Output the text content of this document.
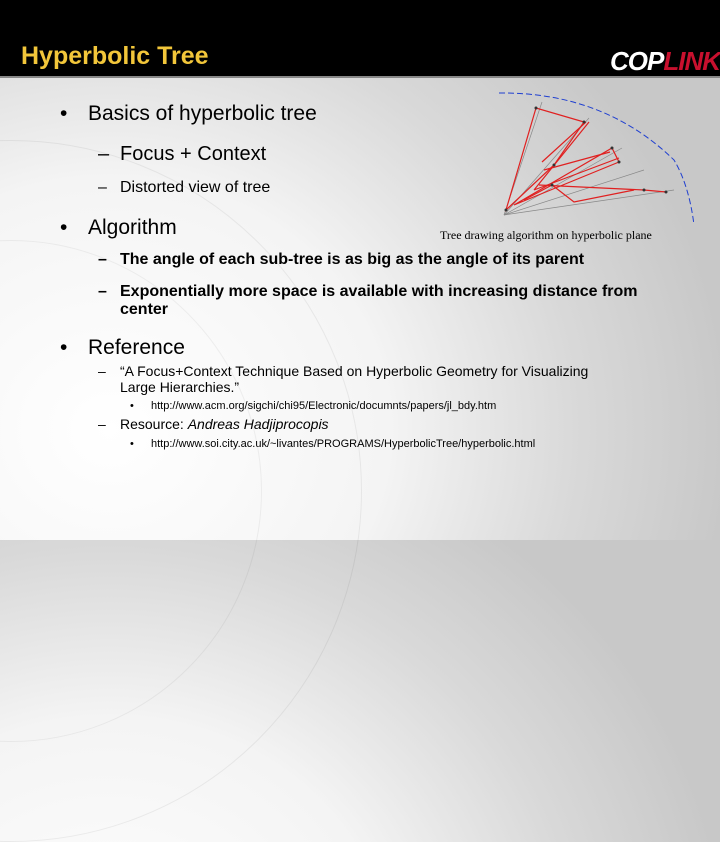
Hyperbolic Tree	COPLINK
• Basics of hyperbolic tree
– Focus + Context
– Distorted view of tree
• Algorithm	Tree drawing algorithm on hyperbolic plane
– The angle of each sub-tree is as big as the angle of its parent
– Exponentially more space is available with increasing distance from
center
• Reference
– “A Focus+Context Technique Based on Hyperbolic Geometry for Visualizing
Large Hierarchies.”
• http://www.acm.org/sigchi/chi95/Electronic/documnts/papers/jl_bdy.htm
– Resource: Andreas Hadjiprocopis
• http://www.soi.city.ac.uk/~livantes/PROGRAMS/HyperbolicTree/hyperbolic.html
